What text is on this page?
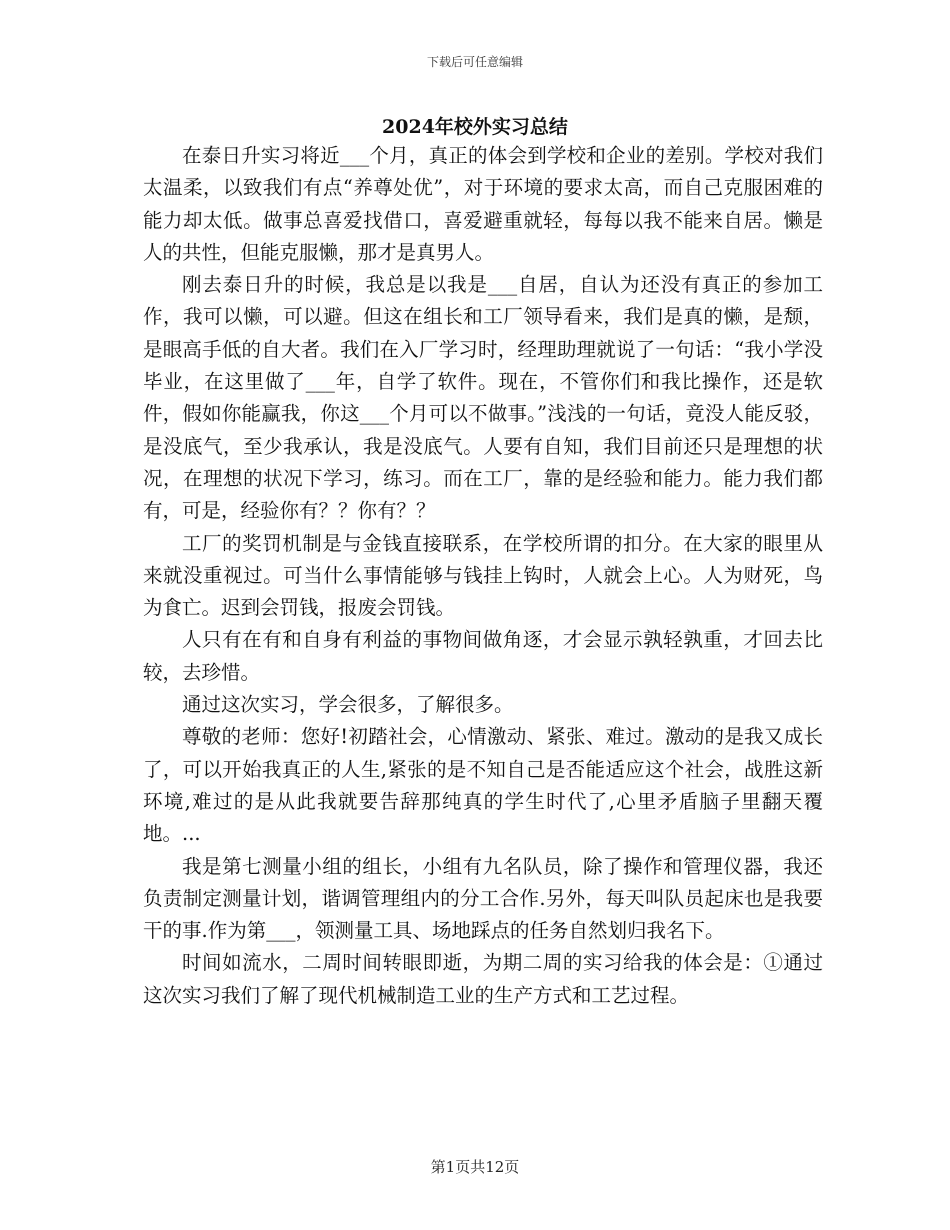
下载后可任意编辑
2024年校外实习总结

在泰日升实习将近___个月，真正的体会到学校和企业的差别。学校对我们太温柔，以致我们有点“养尊处优”，对于环境的要求太高，而自己克服困难的能力却太低。做事总喜爱找借口，喜爱避重就轻，每每以我不能来自居。懒是人的共性，但能克服懒，那才是真男人。

刚去泰日升的时候，我总是以我是___自居，自认为还没有真正的参加工作，我可以懒，可以避。但这在组长和工厂领导看来，我们是真的懒，是颓，是眼高手低的自大者。我们在入厂学习时，经理助理就说了一句话：“我小学没毕业，在这里做了___年，自学了软件。现在，不管你们和我比操作，还是软件，假如你能赢我，你这___个月可以不做事。”浅浅的一句话，竟没人能反驳，是没底气，至少我承认，我是没底气。人要有自知，我们目前还只是理想的状况，在理想的状况下学习，练习。而在工厂，靠的是经验和能力。能力我们都有，可是，经验你有？？你有？？

工厂的奖罚机制是与金钱直接联系，在学校所谓的扣分。在大家的眼里从来就没重视过。可当什么事情能够与钱挂上钩时，人就会上心。人为财死，鸟为食亡。迟到会罚钱，报废会罚钱。

人只有在有和自身有利益的事物间做角逐，才会显示孰轻孰重，才回去比较，去珍惜。

通过这次实习，学会很多，了解很多。

尊敬的老师：您好!初踏社会，心情激动、紧张、难过。激动的是我又成长了，可以开始我真正的人生,紧张的是不知自己是否能适应这个社会，战胜这新环境,难过的是从此我就要告辞那纯真的学生时代了,心里矛盾脑子里翻天覆地。...

我是第七测量小组的组长，小组有九名队员，除了操作和管理仪器，我还负责制定测量计划，谐调管理组内的分工合作.另外，每天叫队员起床也是我要干的事.作为第___，领测量工具、场地踩点的任务自然划归我名下。

时间如流水，二周时间转眼即逝，为期二周的实习给我的体会是：①通过这次实习我们了解了现代机械制造工业的生产方式和工艺过程。

第1页共12页
